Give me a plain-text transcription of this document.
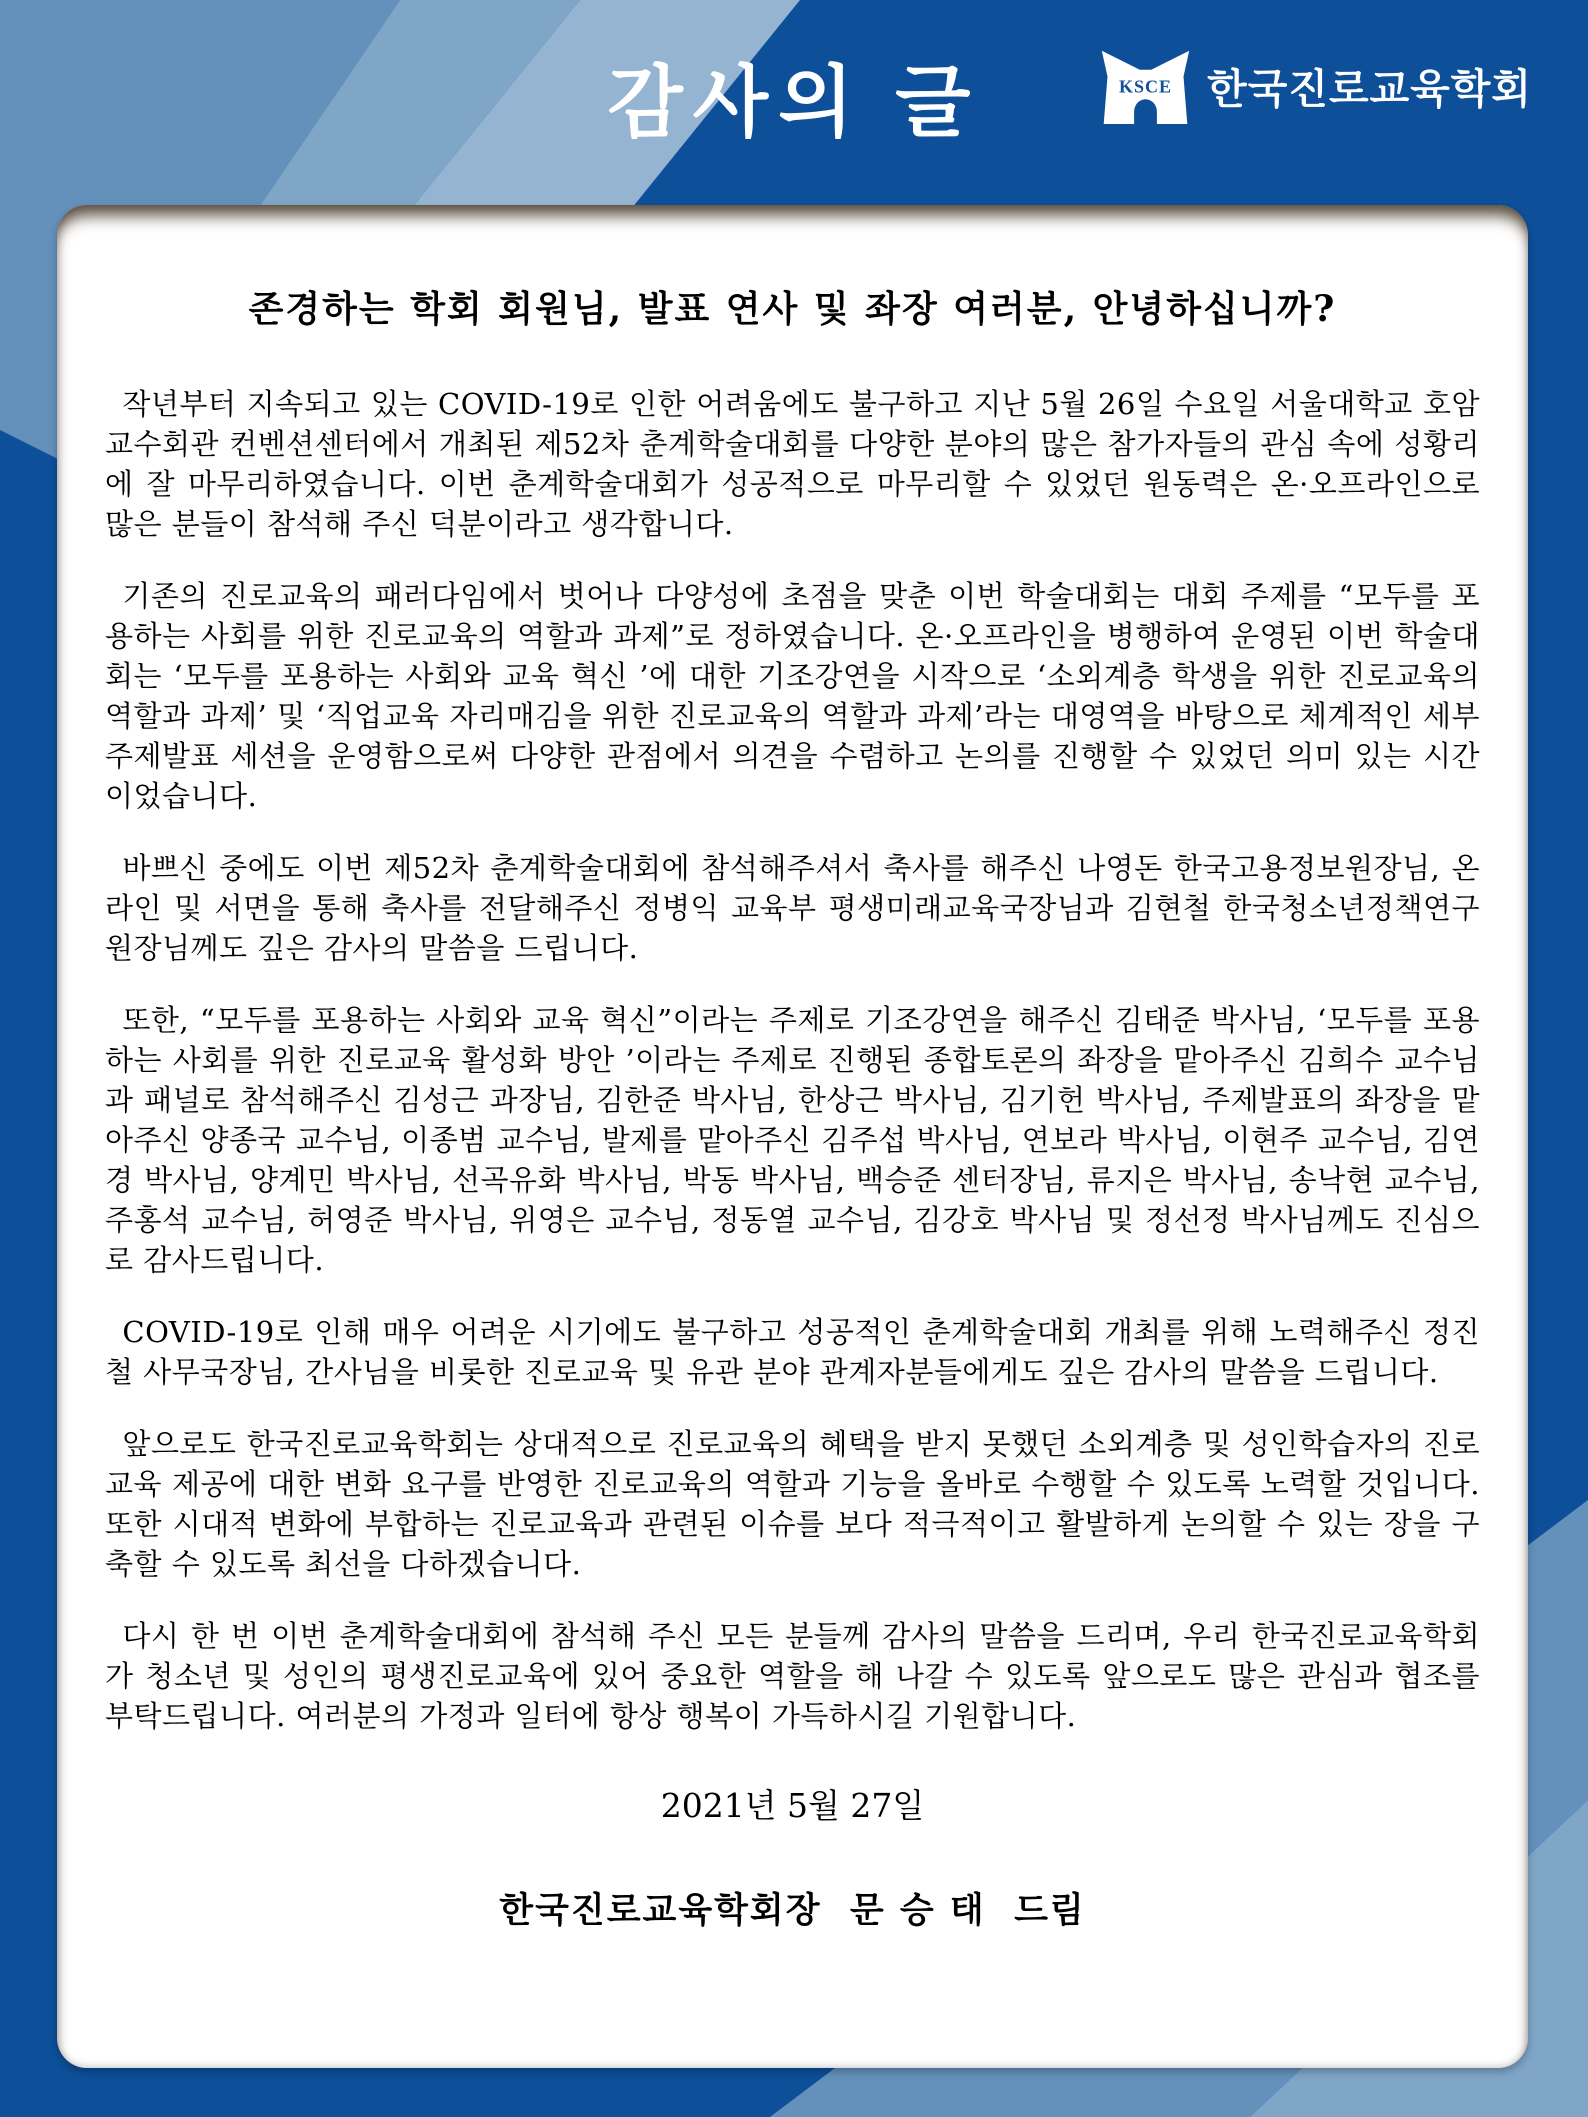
감사의 글	KSCE 한국진로교육학회
존경하는 학회 회원님, 발표 연사 및 좌장 여러분, 안녕하십니까?

작년부터 지속되고 있는 COVID-19로 인한 어려움에도 불구하고 지난 5월 26일 수요일 서울대학교 호암교수회관 컨벤션센터에서 개최된 제52차 춘계학술대회를 다양한 분야의 많은 참가자들의 관심 속에 성황리에 잘 마무리하였습니다. 이번 춘계학술대회가 성공적으로 마무리할 수 있었던 원동력은 온·오프라인으로 많은 분들이 참석해 주신 덕분이라고 생각합니다.

기존의 진로교육의 패러다임에서 벗어나 다양성에 초점을 맞춘 이번 학술대회는 대회 주제를 “모두를 포용하는 사회를 위한 진로교육의 역할과 과제”로 정하였습니다. 온·오프라인을 병행하여 운영된 이번 학술대회는 ‘모두를 포용하는 사회와 교육 혁신 ’에 대한 기조강연을 시작으로 ‘소외계층 학생을 위한 진로교육의 역할과 과제’ 및 ‘직업교육 자리매김을 위한 진로교육의 역할과 과제’라는 대영역을 바탕으로 체계적인 세부 주제발표 세션을 운영함으로써 다양한 관점에서 의견을 수렴하고 논의를 진행할 수 있었던 의미 있는 시간이었습니다.

바쁘신 중에도 이번 제52차 춘계학술대회에 참석해주셔서 축사를 해주신 나영돈 한국고용정보원장님, 온라인 및 서면을 통해 축사를 전달해주신 정병익 교육부 평생미래교육국장님과 김현철 한국청소년정책연구원장님께도 깊은 감사의 말씀을 드립니다.

또한, “모두를 포용하는 사회와 교육 혁신”이라는 주제로 기조강연을 해주신 김태준 박사님, ‘모두를 포용하는 사회를 위한 진로교육 활성화 방안 ’이라는 주제로 진행된 종합토론의 좌장을 맡아주신 김희수 교수님과 패널로 참석해주신 김성근 과장님, 김한준 박사님, 한상근 박사님, 김기헌 박사님, 주제발표의 좌장을 맡아주신 양종국 교수님, 이종범 교수님, 발제를 맡아주신 김주섭 박사님, 연보라 박사님, 이현주 교수님, 김연경 박사님, 양계민 박사님, 선곡유화 박사님, 박동 박사님, 백승준 센터장님, 류지은 박사님, 송낙현 교수님, 주홍석 교수님, 허영준 박사님, 위영은 교수님, 정동열 교수님, 김강호 박사님 및 정선정 박사님께도 진심으로 감사드립니다.

COVID-19로 인해 매우 어려운 시기에도 불구하고 성공적인 춘계학술대회 개최를 위해 노력해주신 정진철 사무국장님, 간사님을 비롯한 진로교육 및 유관 분야 관계자분들에게도 깊은 감사의 말씀을 드립니다.

앞으로도 한국진로교육학회는 상대적으로 진로교육의 혜택을 받지 못했던 소외계층 및 성인학습자의 진로교육 제공에 대한 변화 요구를 반영한 진로교육의 역할과 기능을 올바로 수행할 수 있도록 노력할 것입니다. 또한 시대적 변화에 부합하는 진로교육과 관련된 이슈를 보다 적극적이고 활발하게 논의할 수 있는 장을 구축할 수 있도록 최선을 다하겠습니다.

다시 한 번 이번 춘계학술대회에 참석해 주신 모든 분들께 감사의 말씀을 드리며, 우리 한국진로교육학회가 청소년 및 성인의 평생진로교육에 있어 중요한 역할을 해 나갈 수 있도록 앞으로도 많은 관심과 협조를 부탁드립니다. 여러분의 가정과 일터에 항상 행복이 가득하시길 기원합니다.

2021년 5월 27일
한국진로교육학회장  문 승 태  드림
